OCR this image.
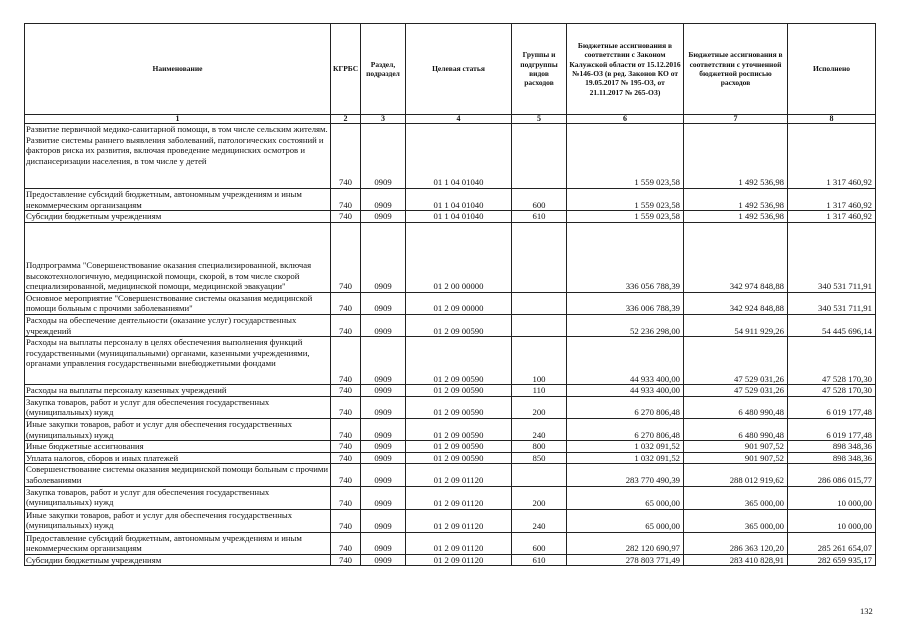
Наименование	КГРБС	Раздел, подраздел	Целевая статья	Группы и подгруппы видов расходов	Бюджетные ассигнования в соответствии с Законом Калужской области от 15.12.2016 №146-ОЗ (в ред. Законов КО от 19.05.2017 № 195-ОЗ, от 21.11.2017 № 265-ОЗ)	Бюджетные ассигнования в соответствии с уточненной бюджетной росписью расходов	Исполнено
1	2	3	4	5	6	7	8
Развитие первичной медико-санитарной помощи, в том числе сельским жителям. Развитие системы раннего выявления заболеваний, патологических состояний и факторов риска их развития, включая проведение медицинских осмотров и диспансеризации населения, в том числе у детей	740	0909	01 1 04 01040		1 559 023,58	1 492 536,98	1 317 460,92
Предоставление субсидий бюджетным, автономным учреждениям и иным некоммерческим организациям	740	0909	01 1 04 01040	600	1 559 023,58	1 492 536,98	1 317 460,92
Субсидии бюджетным учреждениям	740	0909	01 1 04 01040	610	1 559 023,58	1 492 536,98	1 317 460,92
Подпрограмма "Совершенствование оказания специализированной, включая высокотехнологичную, медицинской помощи, скорой, в том числе скорой специализированной, медицинской помощи, медицинской эвакуации"	740	0909	01 2 00 00000		336 056 788,39	342 974 848,88	340 531 711,91
Основное мероприятие "Совершенствование системы оказания медицинской помощи больным с прочими заболеваниями"	740	0909	01 2 09 00000		336 006 788,39	342 924 848,88	340 531 711,91
Расходы на обеспечение деятельности (оказание услуг) государственных учреждений	740	0909	01 2 09 00590		52 236 298,00	54 911 929,26	54 445 696,14
Расходы на выплаты персоналу в целях обеспечения выполнения функций государственными (муниципальными) органами, казенными учреждениями, органами управления государственными внебюджетными фондами	740	0909	01 2 09 00590	100	44 933 400,00	47 529 031,26	47 528 170,30
Расходы на выплаты персоналу казенных учреждений	740	0909	01 2 09 00590	110	44 933 400,00	47 529 031,26	47 528 170,30
Закупка товаров, работ и услуг для обеспечения государственных (муниципальных) нужд	740	0909	01 2 09 00590	200	6 270 806,48	6 480 990,48	6 019 177,48
Иные закупки товаров, работ и услуг для обеспечения государственных (муниципальных) нужд	740	0909	01 2 09 00590	240	6 270 806,48	6 480 990,48	6 019 177,48
Иные бюджетные ассигнования	740	0909	01 2 09 00590	800	1 032 091,52	901 907,52	898 348,36
Уплата налогов, сборов и иных платежей	740	0909	01 2 09 00590	850	1 032 091,52	901 907,52	898 348,36
Совершенствование системы оказания медицинской помощи больным с прочими заболеваниями	740	0909	01 2 09 01120		283 770 490,39	288 012 919,62	286 086 015,77
Закупка товаров, работ и услуг для обеспечения государственных (муниципальных) нужд	740	0909	01 2 09 01120	200	65 000,00	365 000,00	10 000,00
Иные закупки товаров, работ и услуг для обеспечения государственных (муниципальных) нужд	740	0909	01 2 09 01120	240	65 000,00	365 000,00	10 000,00
Предоставление субсидий бюджетным, автономным учреждениям и иным некоммерческим организациям	740	0909	01 2 09 01120	600	282 120 690,97	286 363 120,20	285 261 654,07
Субсидии бюджетным учреждениям	740	0909	01 2 09 01120	610	278 803 771,49	283 410 828,91	282 659 935,17
132
